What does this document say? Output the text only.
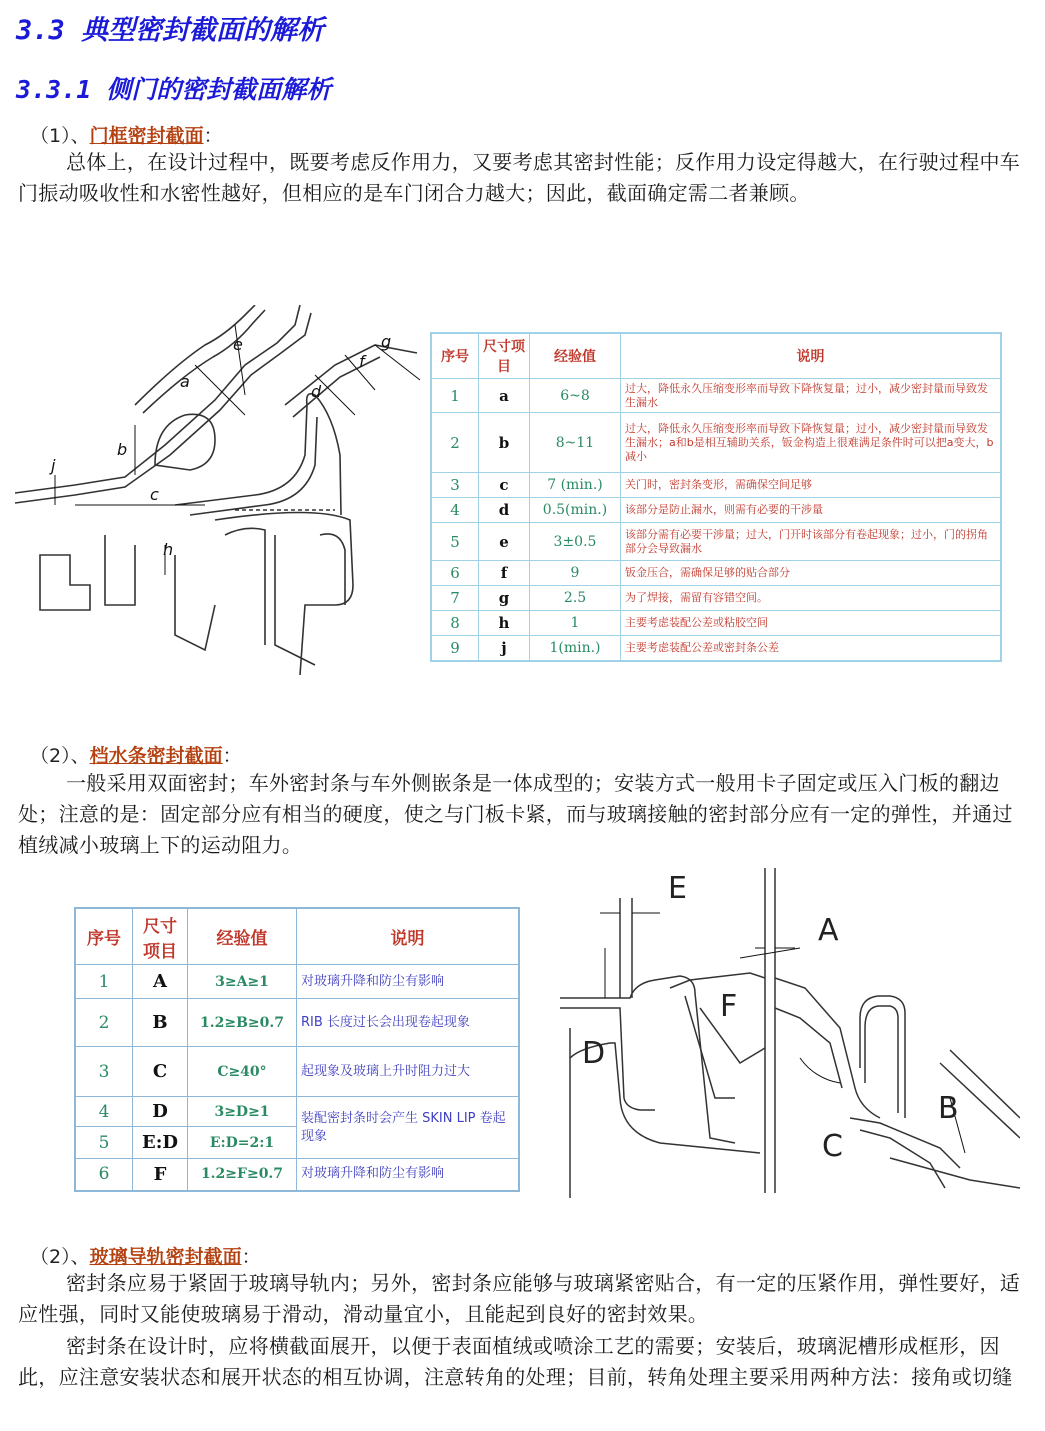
3.3 典型密封截面的解析
3.3.1 侧门的密封截面解析
（1）、门框密封截面：
总体上，在设计过程中，既要考虑反作用力，又要考虑其密封性能；反作用力设定得越大，在行驶过程中车门振动吸收性和水密性越好，但相应的是车门闭合力越大；因此，截面确定需二者兼顾。
a
b
c
d
e
f
g
h
j
序号	尺寸项目	经验值	说明
1	a	6~8	过大，降低永久压缩变形率而导致下降恢复量；过小，减少密封量而导致发生漏水
2	b	8~11	过大，降低永久压缩变形率而导致下降恢复量；过小，减少密封量而导致发生漏水；a和b是相互辅助关系，钣金构造上很难满足条件时可以把a变大，b减小
3	c	7 (min.)	关门时，密封条变形，需确保空间足够
4	d	0.5(min.)	该部分是防止漏水，则需有必要的干涉量
5	e	3±0.5	该部分需有必要干涉量；过大，门开时该部分有卷起现象；过小，门的拐角部分会导致漏水
6	f	9	钣金压合，需确保足够的贴合部分
7	g	2.5	为了焊接，需留有容错空间。
8	h	1	主要考虑装配公差或粘胶空间
9	j	1(min.)	主要考虑装配公差或密封条公差
（2）、档水条密封截面：
一般采用双面密封；车外密封条与车外侧嵌条是一体成型的；安装方式一般用卡子固定或压入门板的翻边处；注意的是：固定部分应有相当的硬度，使之与门板卡紧，而与玻璃接触的密封部分应有一定的弹性，并通过植绒减小玻璃上下的运动阻力。
序号	尺寸项目	经验值	说明
1	A	3≥A≥1	对玻璃升降和防尘有影响
2	B	1.2≥B≥0.7	RIB 长度过长会出现卷起现象
3	C	C≥40°	起现象及玻璃上升时阻力过大
4	D	3≥D≥1	装配密封条时会产生 SKIN LIP 卷起现象
5	E:D	E:D=2:1	
6	F	1.2≥F≥0.7	对玻璃升降和防尘有影响
E
A
F
D
B
C
（2）、玻璃导轨密封截面：
密封条应易于紧固于玻璃导轨内；另外，密封条应能够与玻璃紧密贴合，有一定的压紧作用，弹性要好，适应性强，同时又能使玻璃易于滑动，滑动量宜小，且能起到良好的密封效果。
密封条在设计时，应将横截面展开，以便于表面植绒或喷涂工艺的需要；安装后，玻璃泥槽形成框形，因此，应注意安装状态和展开状态的相互协调，注意转角的处理；目前，转角处理主要采用两种方法：接角或切缝
